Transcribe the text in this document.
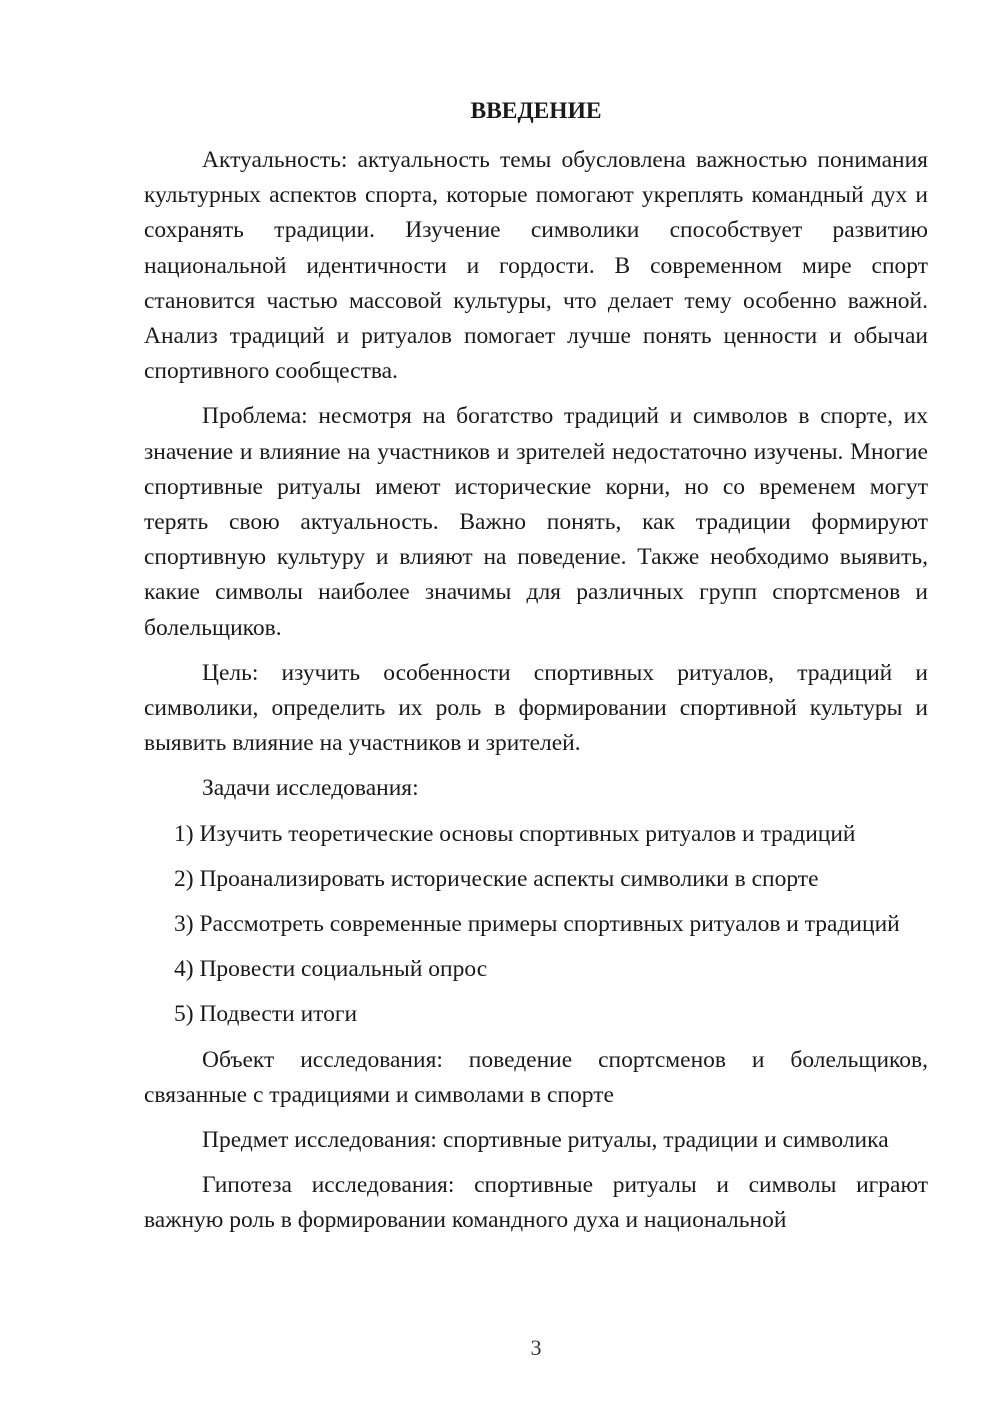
ВВЕДЕНИЕ

Актуальность: актуальность темы обусловлена важностью понимания культурных аспектов спорта, которые помогают укреплять командный дух и сохранять традиции. Изучение символики способствует развитию национальной идентичности и гордости. В современном мире спорт становится частью массовой культуры, что делает тему особенно важной. Анализ традиций и ритуалов помогает лучше понять ценности и обычаи спортивного сообщества.

Проблема: несмотря на богатство традиций и символов в спорте, их значение и влияние на участников и зрителей недостаточно изучены. Многие спортивные ритуалы имеют исторические корни, но со временем могут терять свою актуальность. Важно понять, как традиции формируют спортивную культуру и влияют на поведение. Также необходимо выявить, какие символы наиболее значимы для различных групп спортсменов и болельщиков.

Цель: изучить особенности спортивных ритуалов, традиций и символики, определить их роль в формировании спортивной культуры и выявить влияние на участников и зрителей.

Задачи исследования:

1) Изучить теоретические основы спортивных ритуалов и традиций

2) Проанализировать исторические аспекты символики в спорте

3) Рассмотреть современные примеры спортивных ритуалов и традиций

4) Провести социальный опрос

5) Подвести итоги

Объект исследования: поведение спортсменов и болельщиков, связанные с традициями и символами в спорте

Предмет исследования: спортивные ритуалы, традиции и символика

Гипотеза исследования: спортивные ритуалы и символы играют важную роль в формировании командного духа и национальной

3
